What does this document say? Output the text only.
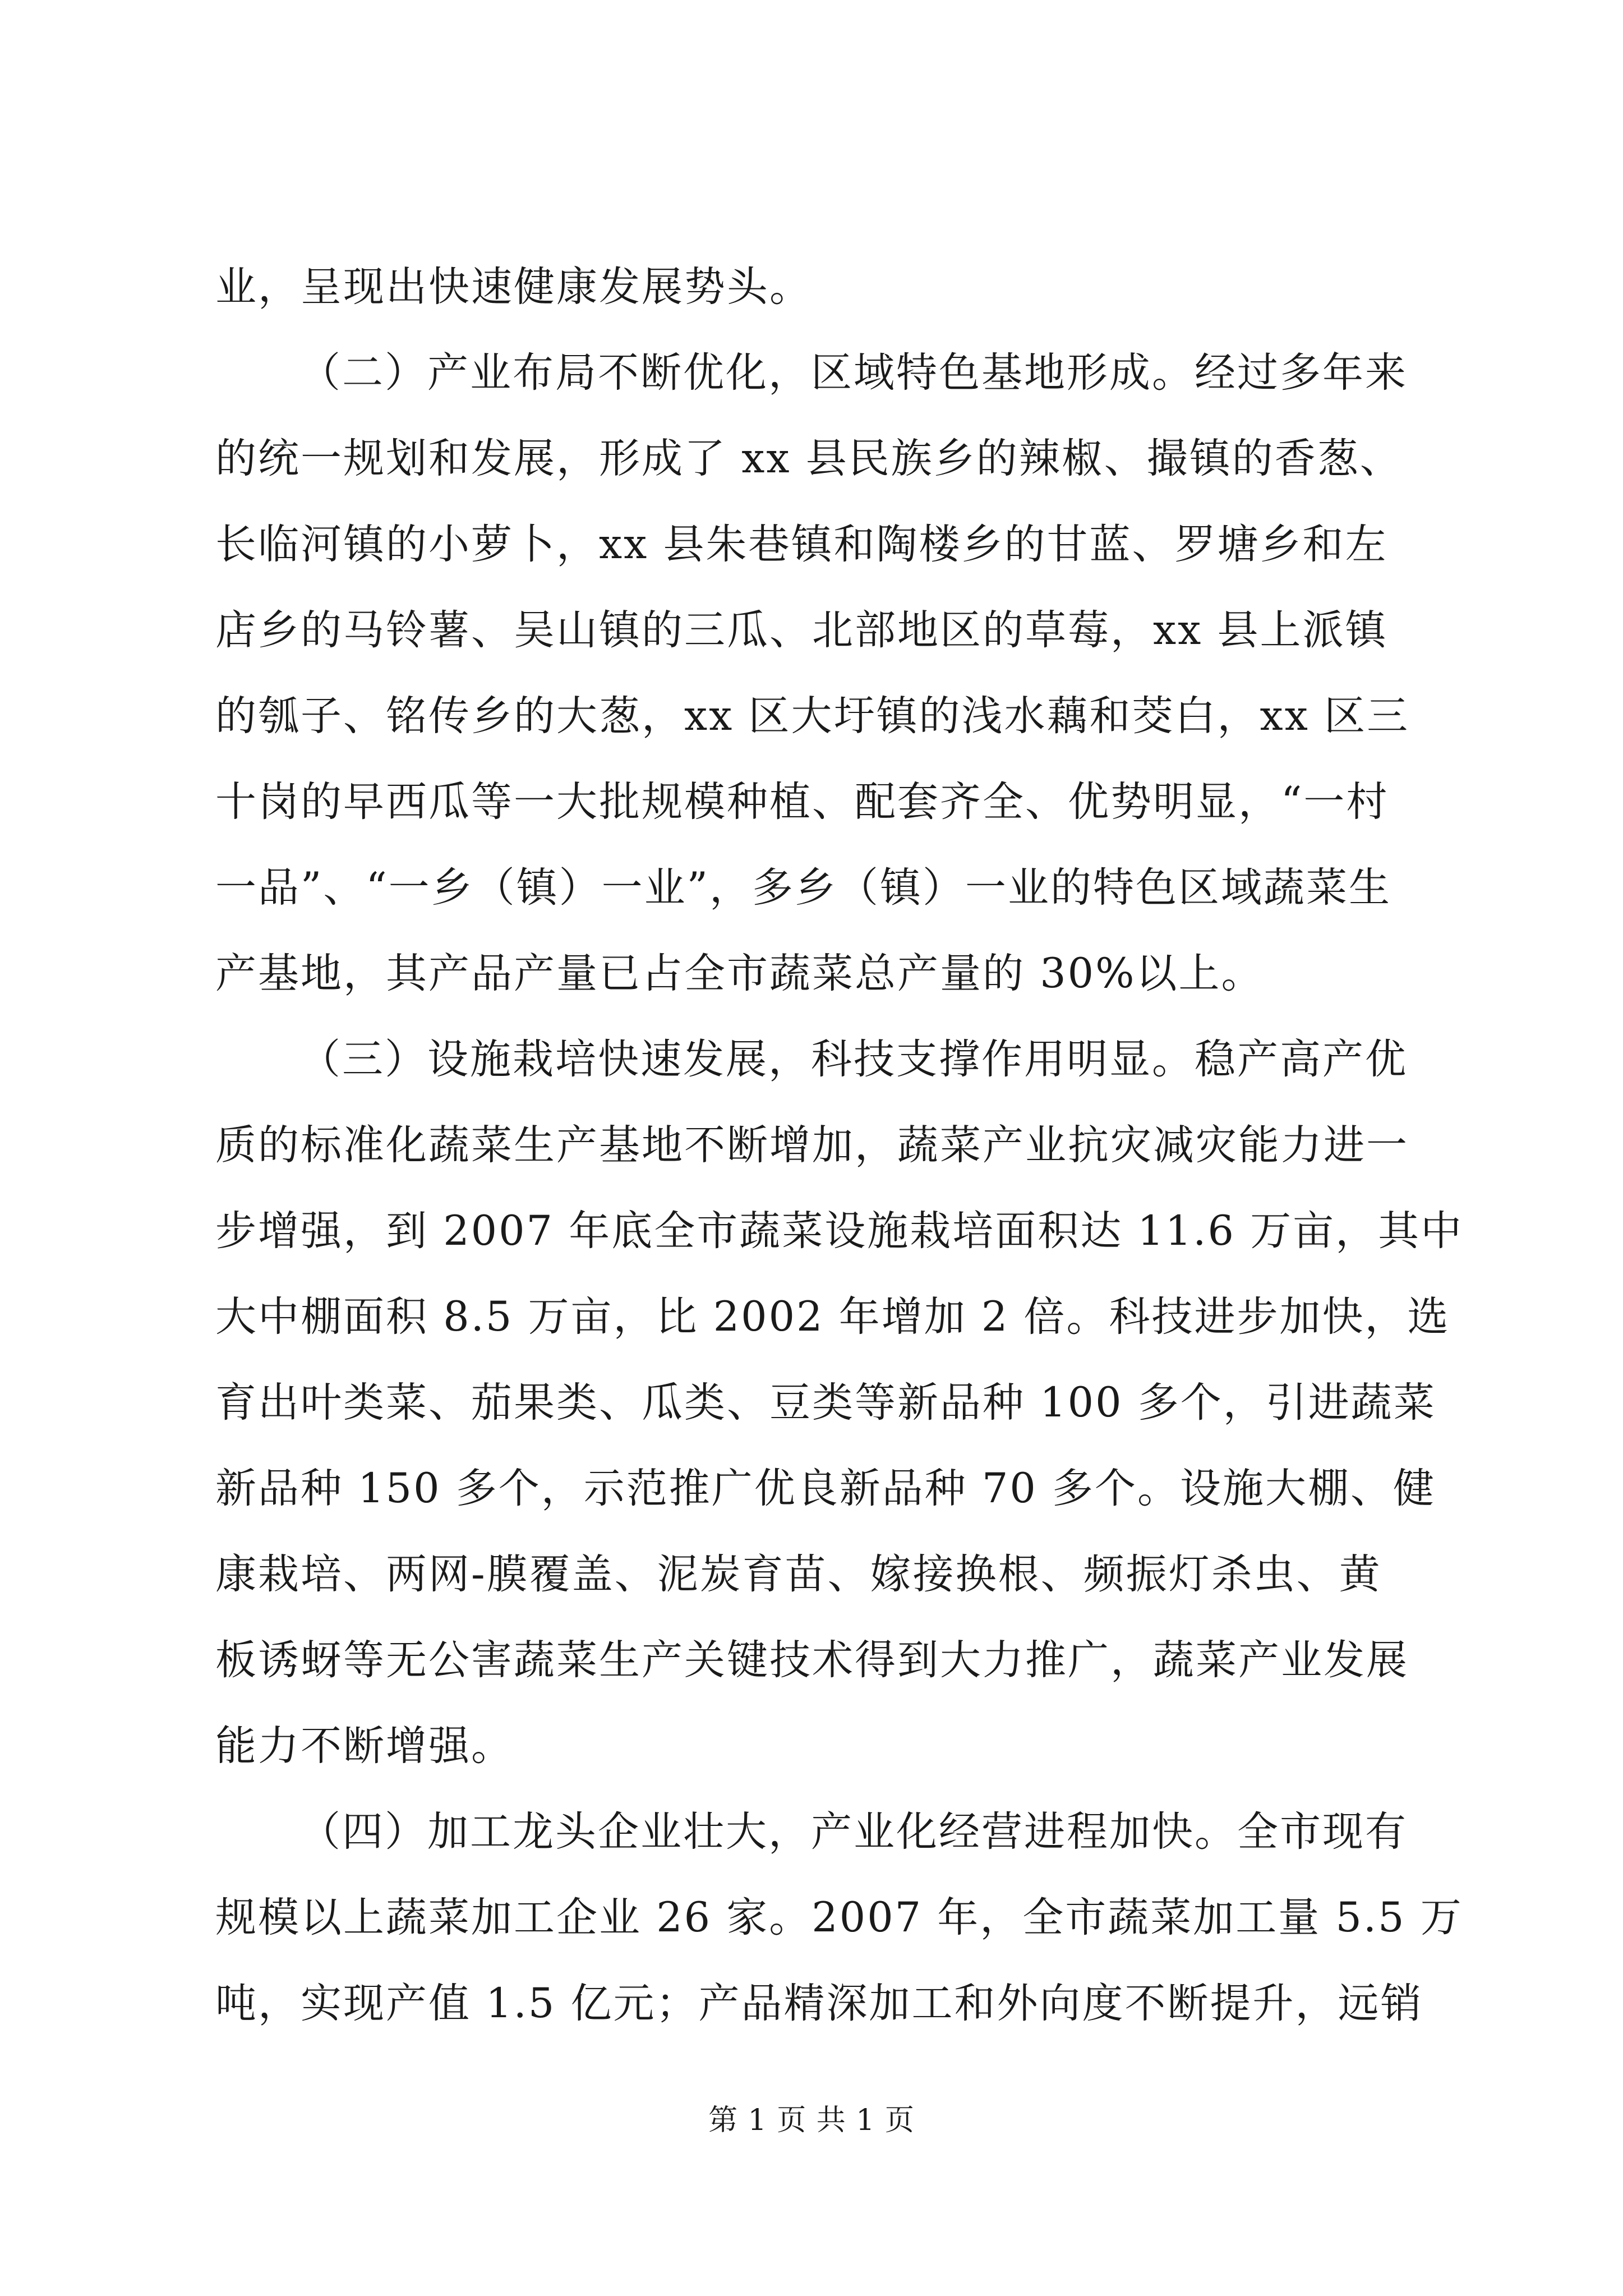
业，呈现出快速健康发展势头。
（二）产业布局不断优化，区域特色基地形成。经过多年来
的统一规划和发展，形成了 xx 县民族乡的辣椒、撮镇的香葱、
长临河镇的小萝卜，xx 县朱巷镇和陶楼乡的甘蓝、罗塘乡和左
店乡的马铃薯、吴山镇的三瓜、北部地区的草莓，xx 县上派镇
的瓠子、铭传乡的大葱，xx 区大圩镇的浅水藕和茭白，xx 区三
十岗的早西瓜等一大批规模种植、配套齐全、优势明显，“一村
一品”、“一乡（镇）一业”，多乡（镇）一业的特色区域蔬菜生
产基地，其产品产量已占全市蔬菜总产量的 30%以上。
（三）设施栽培快速发展，科技支撑作用明显。稳产高产优
质的标准化蔬菜生产基地不断增加，蔬菜产业抗灾减灾能力进一
步增强，到 2007 年底全市蔬菜设施栽培面积达 11.6 万亩，其中
大中棚面积 8.5 万亩，比 2002 年增加 2 倍。科技进步加快，选
育出叶类菜、茄果类、瓜类、豆类等新品种 100 多个，引进蔬菜
新品种 150 多个，示范推广优良新品种 70 多个。设施大棚、健
康栽培、两网-膜覆盖、泥炭育苗、嫁接换根、频振灯杀虫、黄
板诱蚜等无公害蔬菜生产关键技术得到大力推广，蔬菜产业发展
能力不断增强。
（四）加工龙头企业壮大，产业化经营进程加快。全市现有
规模以上蔬菜加工企业 26 家。2007 年，全市蔬菜加工量 5.5 万
吨，实现产值 1.5 亿元；产品精深加工和外向度不断提升，远销
第 1 页 共 1 页
